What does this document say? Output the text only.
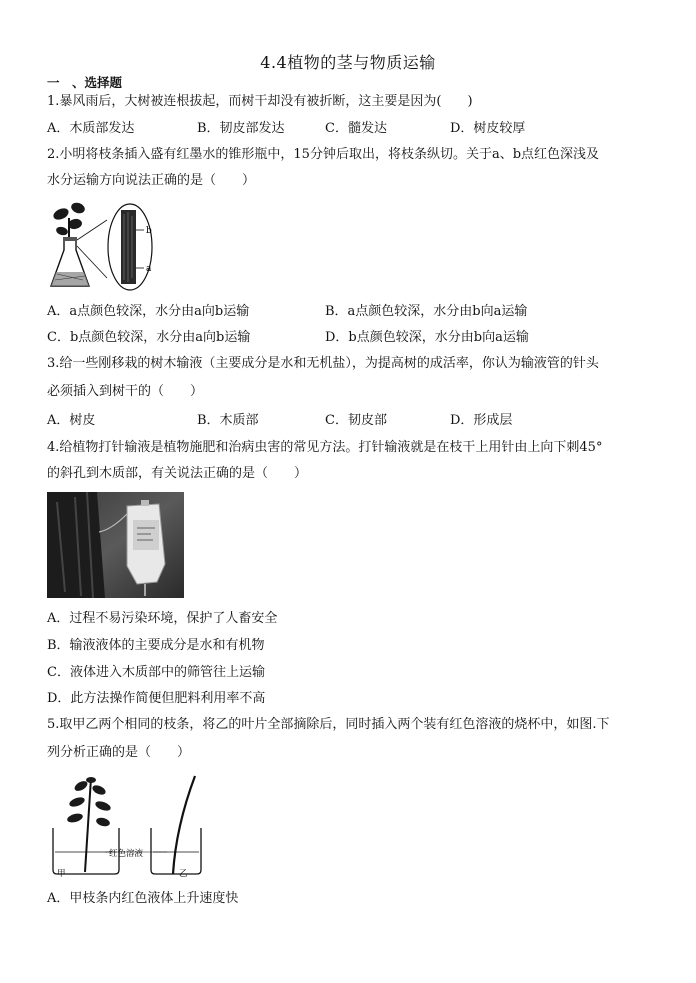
4.4植物的茎与物质运输
一　、选择题
1.暴风雨后，大树被连根拔起，而树干却没有被折断，这主要是因为(　　)
A．木质部发达	B．韧皮部发达	C．髓发达	D．树皮较厚
2.小明将枝条插入盛有红墨水的锥形瓶中，15分钟后取出，将枝条纵切。关于a、b点红色深浅及
水分运输方向说法正确的是（　　）
b
a
A．a点颜色较深，水分由a向b运输	B．a点颜色较深，水分由b向a运输
C．b点颜色较深，水分由a向b运输	D．b点颜色较深，水分由b向a运输
3.给一些刚移栽的树木输液（主要成分是水和无机盐），为提高树的成活率，你认为输液管的针头
必须插入到树干的（　　）
A．树皮	B．木质部	C．韧皮部	D．形成层
4.给植物打针输液是植物施肥和治病虫害的常见方法。打针输液就是在枝干上用针由上向下刺45°
的斜孔到木质部，有关说法正确的是（　　）
A．过程不易污染环境，保护了人畜安全
B．输液液体的主要成分是水和有机物
C．液体进入木质部中的筛管往上运输
D．此方法操作简便但肥料利用率不高
5.取甲乙两个相同的枝条，将乙的叶片全部摘除后，同时插入两个装有红色溶液的烧杯中，如图.下
列分析正确的是（　　）
红色溶液
甲	乙
A．甲枝条内红色液体上升速度快
